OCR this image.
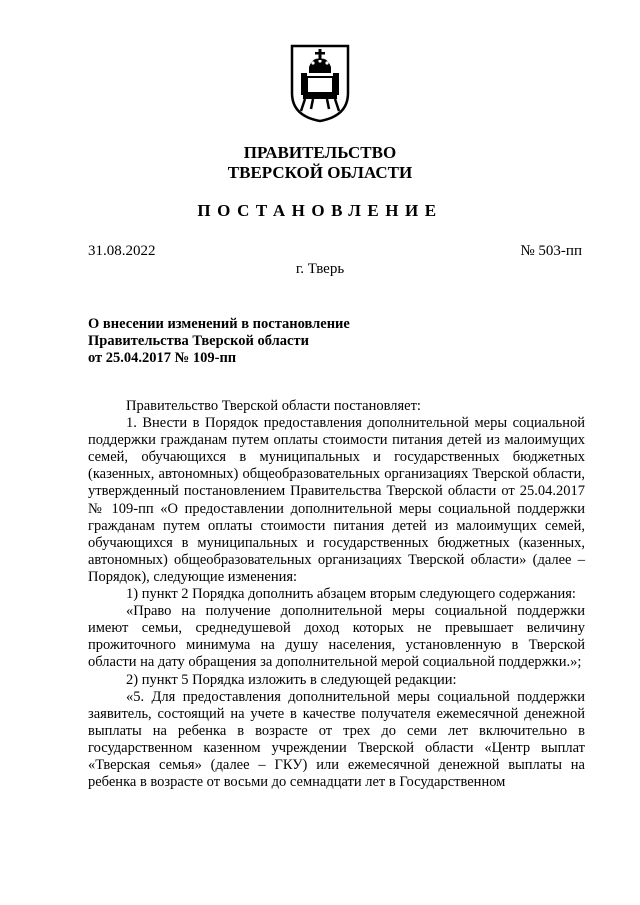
ПРАВИТЕЛЬСТВО
ТВЕРСКОЙ ОБЛАСТИ
ПОСТАНОВЛЕНИЕ
31.08.2022	№ 503-пп
г. Тверь
О внесении изменений в постановление
Правительства Тверской области
от 25.04.2017 № 109-пп

Правительство Тверской области постановляет:

1. Внести в Порядок предоставления дополнительной меры социальной поддержки гражданам путем оплаты стоимости питания детей из малоимущих семей, обучающихся в муниципальных и государственных бюджетных (казенных, автономных) общеобразовательных организациях Тверской области, утвержденный постановлением Правительства Тверской области от 25.04.2017 № 109-пп «О предоставлении дополнительной меры социальной поддержки гражданам путем оплаты стоимости питания детей из малоимущих семей, обучающихся в муниципальных и государственных бюджетных (казенных, автономных) общеобразовательных организациях Тверской области» (далее – Порядок), следующие изменения:

1) пункт 2 Порядка дополнить абзацем вторым следующего содержания:

«Право на получение дополнительной меры социальной поддержки имеют семьи, среднедушевой доход которых не превышает величину прожиточного минимума на душу населения, установленную в Тверской области на дату обращения за дополнительной мерой социальной поддержки.»;

2) пункт 5 Порядка изложить в следующей редакции:

«5. Для предоставления дополнительной меры социальной поддержки заявитель, состоящий на учете в качестве получателя ежемесячной денежной выплаты на ребенка в возрасте от трех до семи лет включительно в государственном казенном учреждении Тверской области «Центр выплат «Тверская семья» (далее – ГКУ) или ежемесячной денежной выплаты на ребенка в возрасте от восьми до семнадцати лет в Государственном
